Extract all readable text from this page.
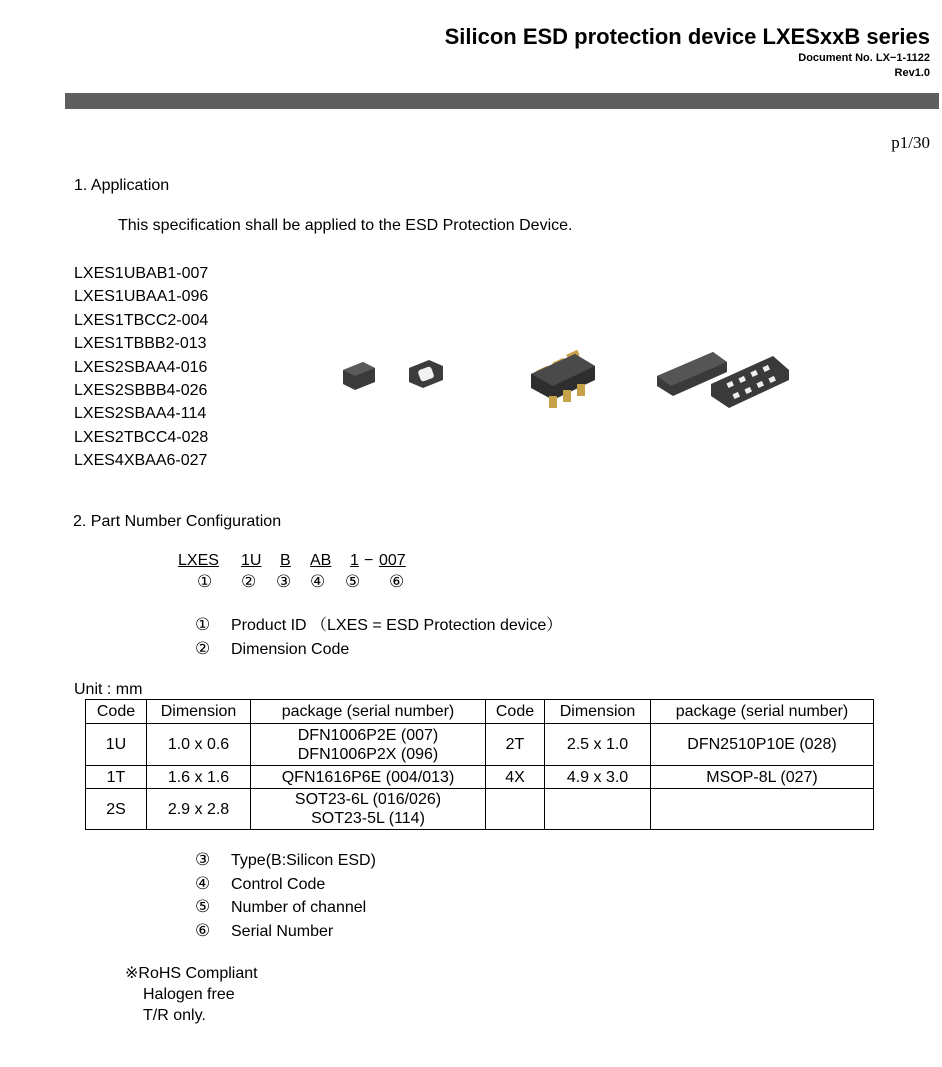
Silicon ESD protection device LXESxxB series
Document No. LX−1-1122
Rev1.0
p1/30
1. Application
This specification shall be applied to the ESD Protection Device.
LXES1UBAB1-007
LXES1UBAA1-096
LXES1TBCC2-004
LXES1TBBB2-013
LXES2SBAA4-016
LXES2SBBB4-026
LXES2SBAA4-114
LXES2TBCC4-028
LXES4XBAA6-027
2. Part Number Configuration
LXES 1U B AB 1 − 007
① ② ③ ④ ⑤ ⑥
① Product ID （LXES = ESD Protection device）
② Dimension Code
Unit : mm
Code	Dimension	package (serial number)	Code	Dimension	package (serial number)
1U	1.0 x 0.6	DFN1006P2E (007)
DFN1006P2X (096)	2T	2.5 x 1.0	DFN2510P10E (028)
1T	1.6 x 1.6	QFN1616P6E (004/013)	4X	4.9 x 3.0	MSOP-8L (027)
2S	2.9 x 2.8	SOT23-6L (016/026)
SOT23-5L (114)			

③ Type(B:Silicon ESD)
④ Control Code
⑤ Number of channel
⑥ Serial Number
※RoHS Compliant
Halogen free
T/R only.
